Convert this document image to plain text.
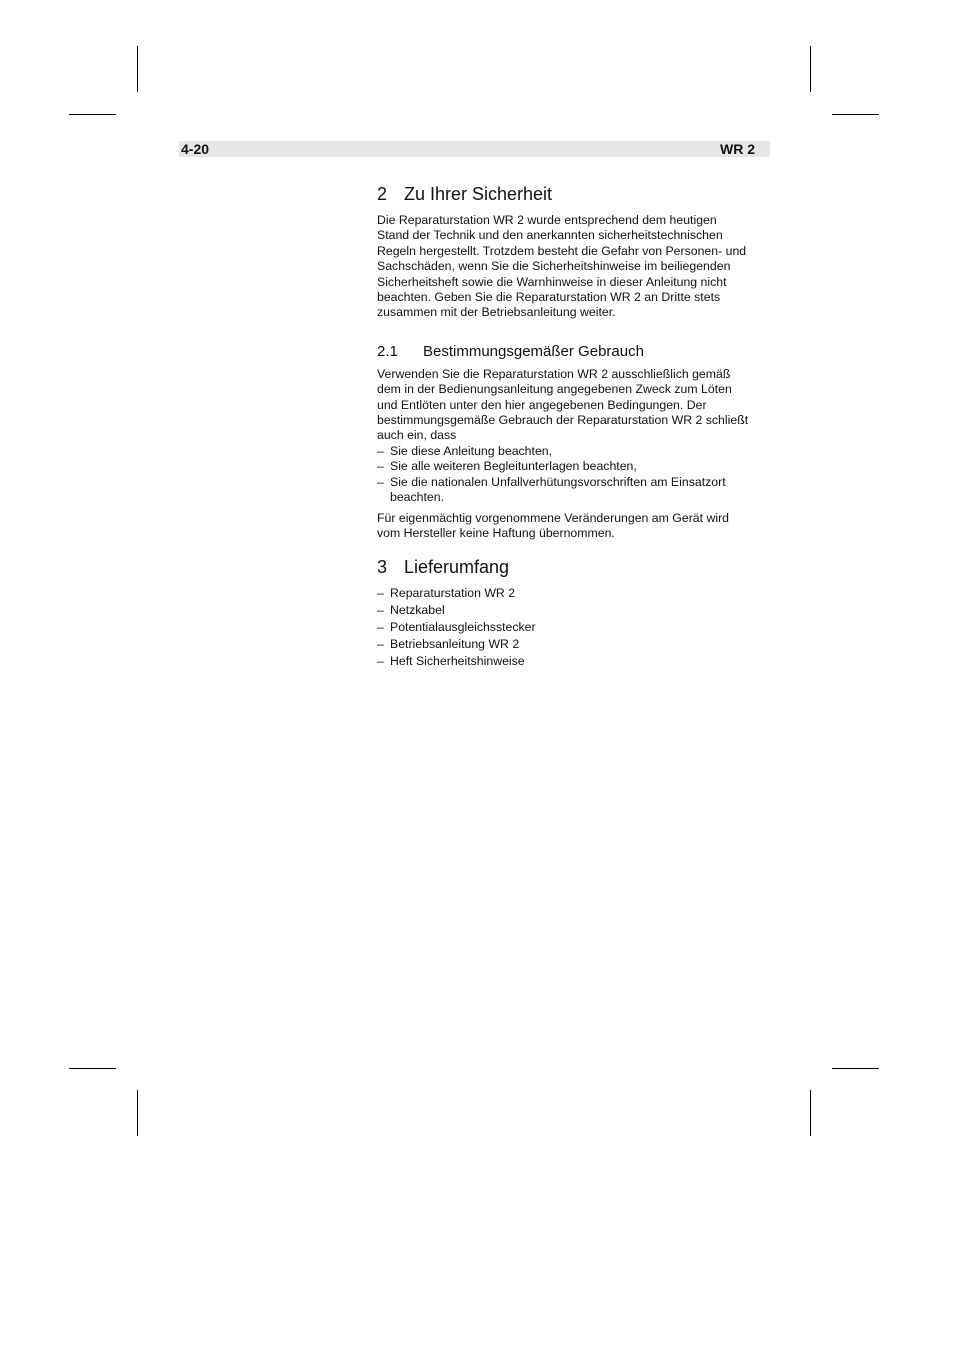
4-20	WR 2
2 Zu Ihrer Sicherheit

Die Reparaturstation WR 2 wurde entsprechend dem heutigen
Stand der Technik und den anerkannten sicherheitstechnischen
Regeln hergestellt. Trotzdem besteht die Gefahr von Personen- und
Sachschäden, wenn Sie die Sicherheitshinweise im beiliegenden
Sicherheitsheft sowie die Warnhinweise in dieser Anleitung nicht
beachten. Geben Sie die Reparaturstation WR 2 an Dritte stets
zusammen mit der Betriebsanleitung weiter.

2.1 Bestimmungsgemäßer Gebrauch

Verwenden Sie die Reparaturstation WR 2 ausschließlich gemäß
dem in der Bedienungsanleitung angegebenen Zweck zum Löten
und Entlöten unter den hier angegebenen Bedingungen. Der
bestimmungsgemäße Gebrauch der Reparaturstation WR 2 schließt
auch ein, dass

– Sie diese Anleitung beachten,
– Sie alle weiteren Begleitunterlagen beachten,
– Sie die nationalen Unfallverhütungsvorschriften am Einsatzort
beachten.

Für eigenmächtig vorgenommene Veränderungen am Gerät wird
vom Hersteller keine Haftung übernommen.

3 Lieferumfang
– Reparaturstation WR 2
– Netzkabel
– Potentialausgleichsstecker
– Betriebsanleitung WR 2
– Heft Sicherheitshinweise
